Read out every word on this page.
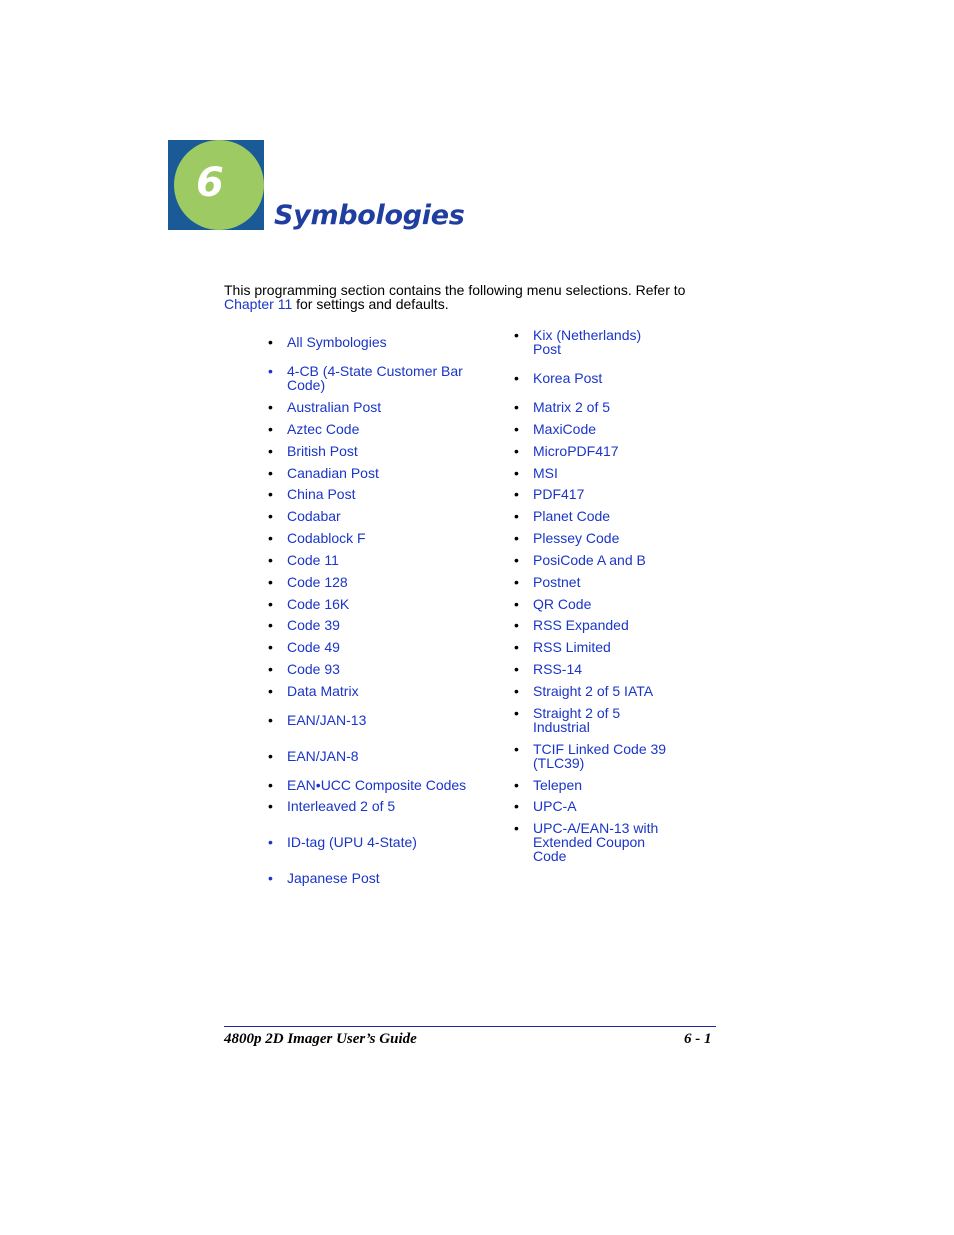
6
Symbologies
This programming section contains the following menu selections. Refer to
Chapter 11 for settings and defaults.
• All Symbologies
• 4-CB (4-State Customer Bar Code)
• Australian Post
• Aztec Code
• British Post
• Canadian Post
• China Post
• Codabar
• Codablock F
• Code 11
• Code 128
• Code 16K
• Code 39
• Code 49
• Code 93
• Data Matrix
• EAN/JAN-13
• EAN/JAN-8
• EAN•UCC Composite Codes
• Interleaved 2 of 5
• ID-tag (UPU 4-State)
• Japanese Post
• Kix (Netherlands) Post
• Korea Post
• Matrix 2 of 5
• MaxiCode
• MicroPDF417
• MSI
• PDF417
• Planet Code
• Plessey Code
• PosiCode A and B
• Postnet
• QR Code
• RSS Expanded
• RSS Limited
• RSS-14
• Straight 2 of 5 IATA
• Straight 2 of 5 Industrial
• TCIF Linked Code 39 (TLC39)
• Telepen
• UPC-A
• UPC-A/EAN-13 with Extended Coupon Code
4800p 2D Imager User’s Guide	6 - 1
